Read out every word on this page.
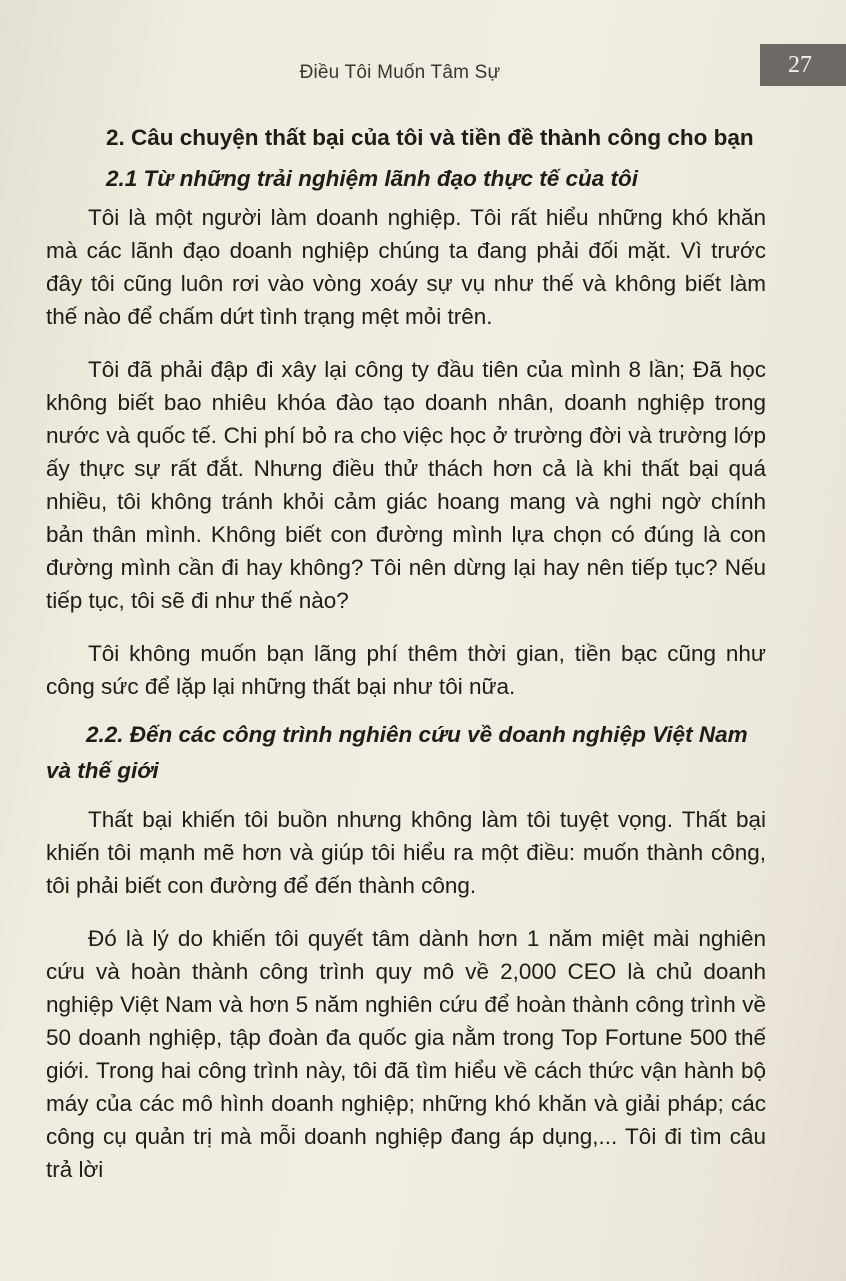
27
Điều Tôi Muốn Tâm Sự
2. Câu chuyện thất bại của tôi và tiền đề thành công cho bạn
2.1 Từ những trải nghiệm lãnh đạo thực tế của tôi

Tôi là một người làm doanh nghiệp. Tôi rất hiểu những khó khăn mà các lãnh đạo doanh nghiệp chúng ta đang phải đối mặt. Vì trước đây tôi cũng luôn rơi vào vòng xoáy sự vụ như thế và không biết làm thế nào để chấm dứt tình trạng mệt mỏi trên.

Tôi đã phải đập đi xây lại công ty đầu tiên của mình 8 lần; Đã học không biết bao nhiêu khóa đào tạo doanh nhân, doanh nghiệp trong nước và quốc tế. Chi phí bỏ ra cho việc học ở trường đời và trường lớp ấy thực sự rất đắt. Nhưng điều thử thách hơn cả là khi thất bại quá nhiều, tôi không tránh khỏi cảm giác hoang mang và nghi ngờ chính bản thân mình. Không biết con đường mình lựa chọn có đúng là con đường mình cần đi hay không? Tôi nên dừng lại hay nên tiếp tục? Nếu tiếp tục, tôi sẽ đi như thế nào?

Tôi không muốn bạn lãng phí thêm thời gian, tiền bạc cũng như công sức để lặp lại những thất bại như tôi nữa.

2.2. Đến các công trình nghiên cứu về doanh nghiệp Việt Nam và thế giới

Thất bại khiến tôi buồn nhưng không làm tôi tuyệt vọng. Thất bại khiến tôi mạnh mẽ hơn và giúp tôi hiểu ra một điều: muốn thành công, tôi phải biết con đường để đến thành công.

Đó là lý do khiến tôi quyết tâm dành hơn 1 năm miệt mài nghiên cứu và hoàn thành công trình quy mô về 2,000 CEO là chủ doanh nghiệp Việt Nam và hơn 5 năm nghiên cứu để hoàn thành công trình về 50 doanh nghiệp, tập đoàn đa quốc gia nằm trong Top Fortune 500 thế giới. Trong hai công trình này, tôi đã tìm hiểu về cách thức vận hành bộ máy của các mô hình doanh nghiệp; những khó khăn và giải pháp; các công cụ quản trị mà mỗi doanh nghiệp đang áp dụng,... Tôi đi tìm câu trả lời
